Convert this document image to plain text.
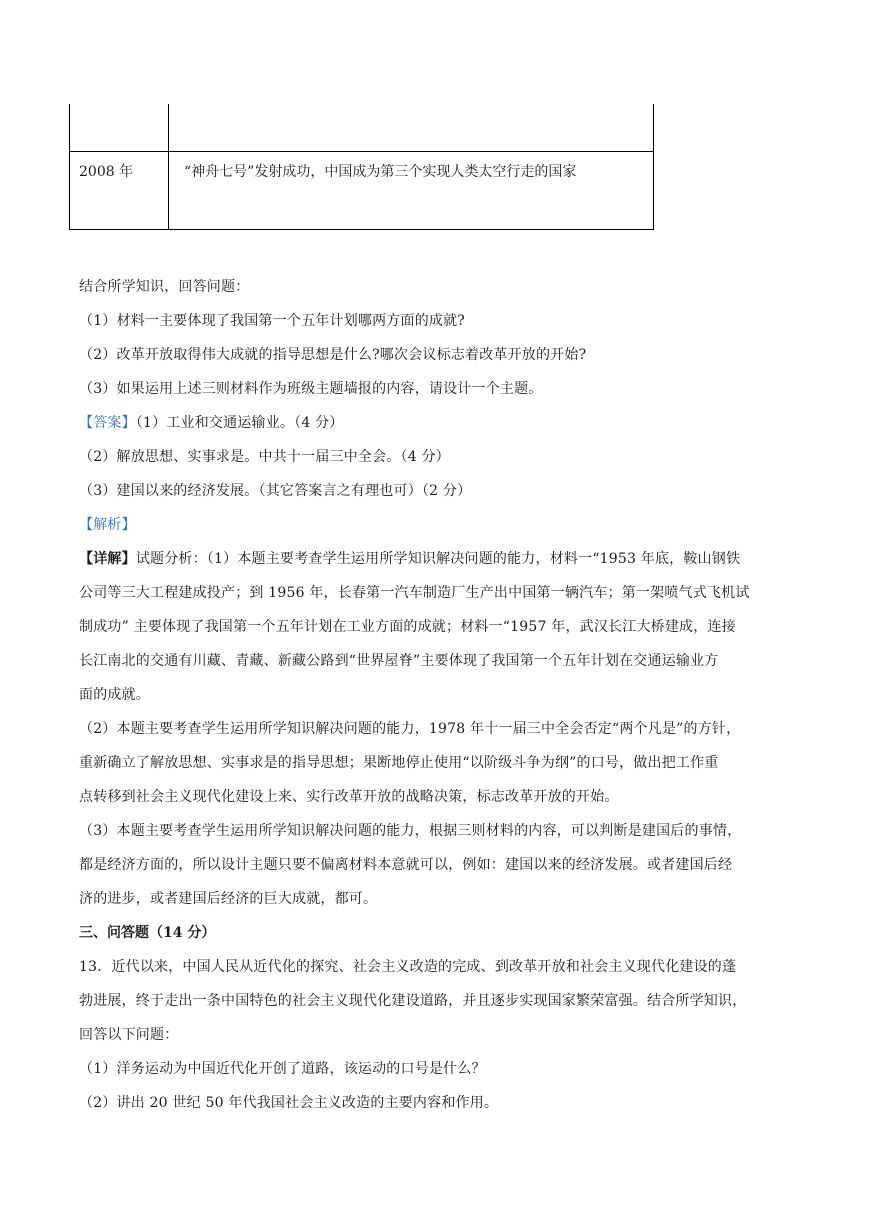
2008 年	“神舟七号”发射成功，中国成为第三个实现人类太空行走的国家
结合所学知识，回答问题：
（1）材料一主要体现了我国第一个五年计划哪两方面的成就?
（2）改革开放取得伟大成就的指导思想是什么?哪次会议标志着改革开放的开始?
（3）如果运用上述三则材料作为班级主题墙报的内容，请设计一个主题。
【答案】（1）工业和交通运输业。（4 分）
（2）解放思想、实事求是。中共十一届三中全会。（4 分）
（3）建国以来的经济发展。（其它答案言之有理也可）（2 分）
【解析】
【详解】试题分析：（1）本题主要考查学生运用所学知识解决问题的能力，材料一“1953 年底，鞍山钢铁
公司等三大工程建成投产；到 1956 年，长春第一汽车制造厂生产出中国第一辆汽车；第一架喷气式飞机试
制成功” 主要体现了我国第一个五年计划在工业方面的成就；材料一“1957 年，武汉长江大桥建成，连接
长江南北的交通有川藏、青藏、新藏公路到“世界屋脊”主要体现了我国第一个五年计划在交通运输业方
面的成就。
（2）本题主要考查学生运用所学知识解决问题的能力，1978 年十一届三中全会否定“两个凡是”的方针，
重新确立了解放思想、实事求是的指导思想；果断地停止使用“以阶级斗争为纲”的口号，做出把工作重
点转移到社会主义现代化建设上来、实行改革开放的战略决策，标志改革开放的开始。
（3）本题主要考查学生运用所学知识解决问题的能力，根据三则材料的内容，可以判断是建国后的事情，
都是经济方面的，所以设计主题只要不偏离材料本意就可以，例如：建国以来的经济发展。或者建国后经
济的进步，或者建国后经济的巨大成就，都可。
三、问答题（14 分）
13．近代以来，中国人民从近代化的探究、社会主义改造的完成、到改革开放和社会主义现代化建设的蓬
勃进展，终于走出一条中国特色的社会主义现代化建设道路，并且逐步实现国家繁荣富强。结合所学知识，
回答以下问题：
（1）洋务运动为中国近代化开创了道路，该运动的口号是什么？
（2）讲出 20 世纪 50 年代我国社会主义改造的主要内容和作用。
